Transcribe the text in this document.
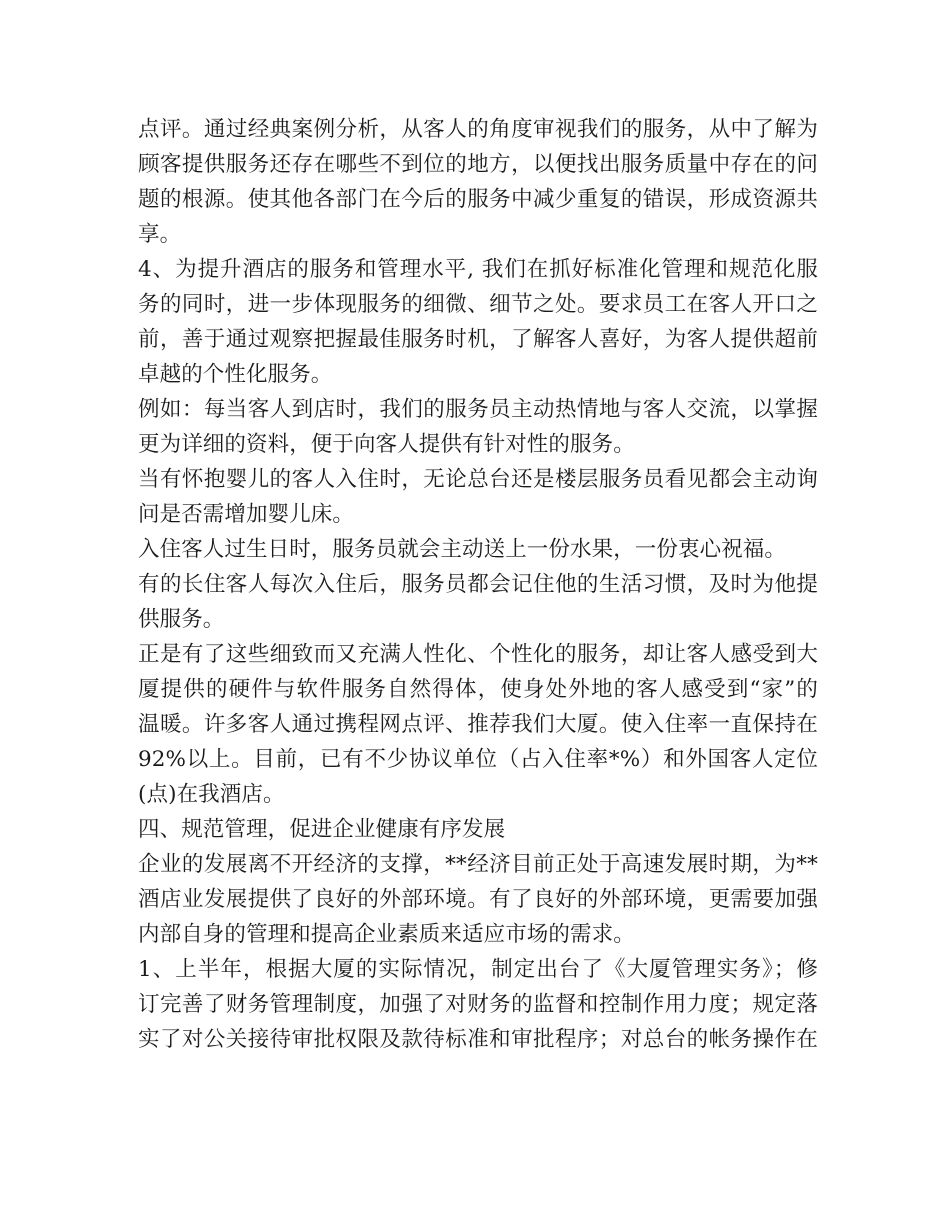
点评。通过经典案例分析，从客人的角度审视我们的服务，从中了解为
顾客提供服务还存在哪些不到位的地方，以便找出服务质量中存在的问
题的根源。使其他各部门在今后的服务中减少重复的错误，形成资源共
享。
4、为提升酒店的服务和管理水平, 我们在抓好标准化管理和规范化服
务的同时，进一步体现服务的细微、细节之处。要求员工在客人开口之
前，善于通过观察把握最佳服务时机，了解客人喜好，为客人提供超前
卓越的个性化服务。
例如：每当客人到店时，我们的服务员主动热情地与客人交流，以掌握
更为详细的资料，便于向客人提供有针对性的服务。
当有怀抱婴儿的客人入住时，无论总台还是楼层服务员看见都会主动询
问是否需增加婴儿床。
入住客人过生日时，服务员就会主动送上一份水果，一份衷心祝福。
有的长住客人每次入住后，服务员都会记住他的生活习惯，及时为他提
供服务。
正是有了这些细致而又充满人性化、个性化的服务，却让客人感受到大
厦提供的硬件与软件服务自然得体，使身处外地的客人感受到“家”的
温暖。许多客人通过携程网点评、推荐我们大厦。使入住率一直保持在
92%以上。目前，已有不少协议单位（占入住率*%）和外国客人定位
(点)在我酒店。
四、规范管理，促进企业健康有序发展
企业的发展离不开经济的支撑，**经济目前正处于高速发展时期，为**
酒店业发展提供了良好的外部环境。有了良好的外部环境，更需要加强
内部自身的管理和提高企业素质来适应市场的需求。
1、上半年，根据大厦的实际情况，制定出台了《大厦管理实务》；修
订完善了财务管理制度，加强了对财务的监督和控制作用力度；规定落
实了对公关接待审批权限及款待标准和审批程序；对总台的帐务操作在
